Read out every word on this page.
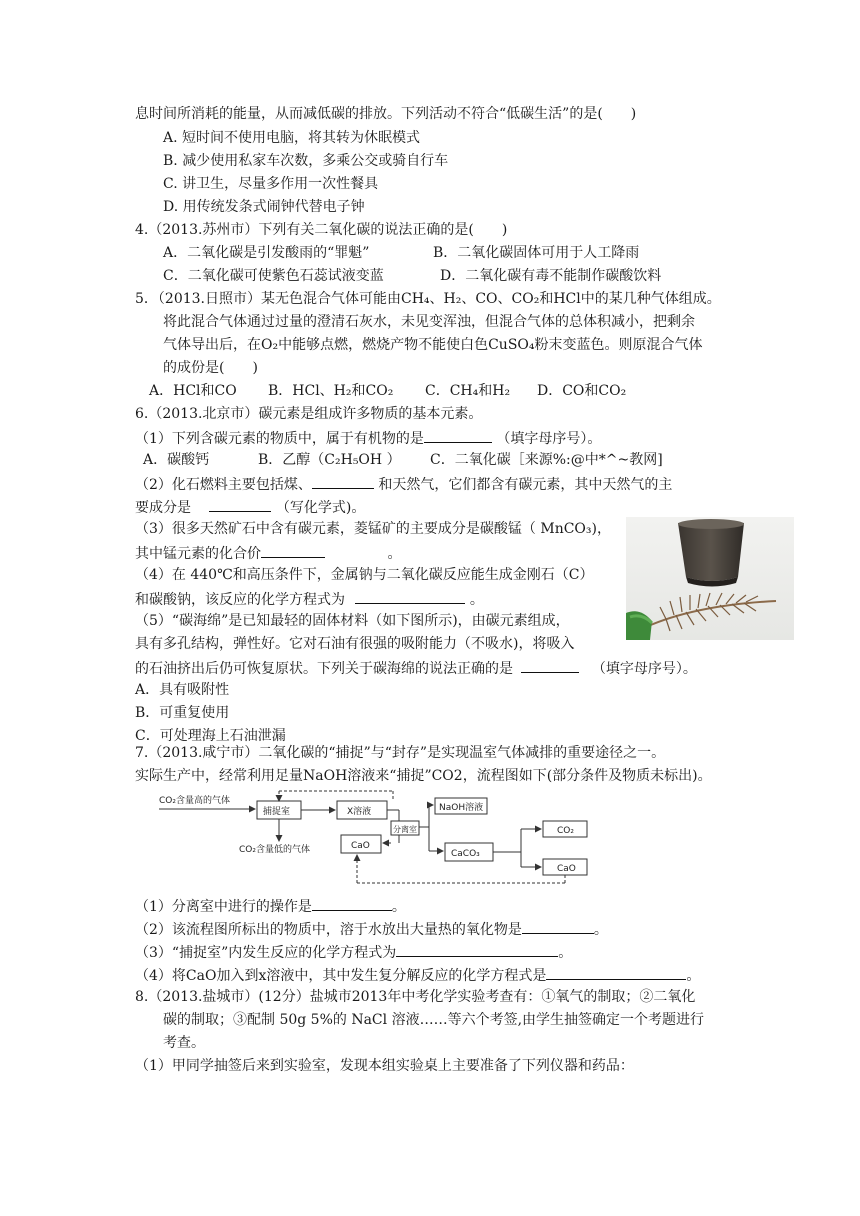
息时间所消耗的能量，从而减低碳的排放。下列活动不符合“低碳生活”的是(　　)
A. 短时间不使用电脑，将其转为休眠模式
B. 减少使用私家车次数，多乘公交或骑自行车
C. 讲卫生，尽量多作用一次性餐具
D. 用传统发条式闹钟代替电子钟
4.（2013.苏州市）下列有关二氧化碳的说法正确的是(　　)
A．二氧化碳是引发酸雨的“罪魁”	B．二氧化碳固体可用于人工降雨
C．二氧化碳可使紫色石蕊试液变蓝	D．二氧化碳有毒不能制作碳酸饮料
5．（2013.日照市）某无色混合气体可能由CH₄、H₂、CO、CO₂和HCl中的某几种气体组成。
将此混合气体通过过量的澄清石灰水，未见变浑浊，但混合气体的总体积减小，把剩余
气体导出后，在O₂中能够点燃，燃烧产物不能使白色CuSO₄粉末变蓝色。则原混合气体
的成份是(　　)
A．HCl和CO B．HCl、H₂和CO₂ C．CH₄和H₂ D．CO和CO₂
6.（2013.北京市）碳元素是组成许多物质的基本元素。
（1）下列含碳元素的物质中，属于有机物的是	（填字母序号）。
A．碳酸钙	B．乙醇（C₂H₅OH ） C．二氧化碳［来源%:@中*^~教网]
（2）化石燃料主要包括煤、	和天然气，它们都含有碳元素，其中天然气的主
要成分是	（写化学式)。
（3）很多天然矿石中含有碳元素，菱锰矿的主要成分是碳酸锰（ MnCO₃)，
其中锰元素的化合价	。
（4）在 440℃和高压条件下，金属钠与二氧化碳反应能生成金刚石（C）
和碳酸钠，该反应的化学方程式为	。
（5）“碳海绵”是已知最轻的固体材料（如下图所示)，由碳元素组成，
具有多孔结构，弹性好。它对石油有很强的吸附能力（不吸水)，将吸入
的石油挤出后仍可恢复原状。下列关于碳海绵的说法正确的是	（填字母序号）。
A．具有吸附性
B．可重复使用
C．可处理海上石油泄漏
7.（2013.咸宁市）二氧化碳的“捕捉”与“封存”是实现温室气体减排的重要途径之一。
实际生产中，经常利用足量NaOH溶液来“捕捉”CO2，流程图如下(部分条件及物质未标出)。
CO₂含量高的气体
捕捉室	X溶液
CO₂含量低的气体	CaO
分离室
NaOH溶液
CaCO₃
CO₂
CaO
（1）分离室中进行的操作是	。
（2）该流程图所标出的物质中，溶于水放出大量热的氧化物是	。
（3）“捕捉室”内发生反应的化学方程式为	。
（4）将CaO加入到x溶液中，其中发生复分解反应的化学方程式是	。
8.（2013.盐城市）(12分）盐城市2013年中考化学实验考查有：①氧气的制取；②二氧化
碳的制取；③配制 50g 5%的 NaCl 溶液……等六个考签,由学生抽签确定一个考题进行
考查。
（1）甲同学抽签后来到实验室，发现本组实验桌上主要准备了下列仪器和药品：
